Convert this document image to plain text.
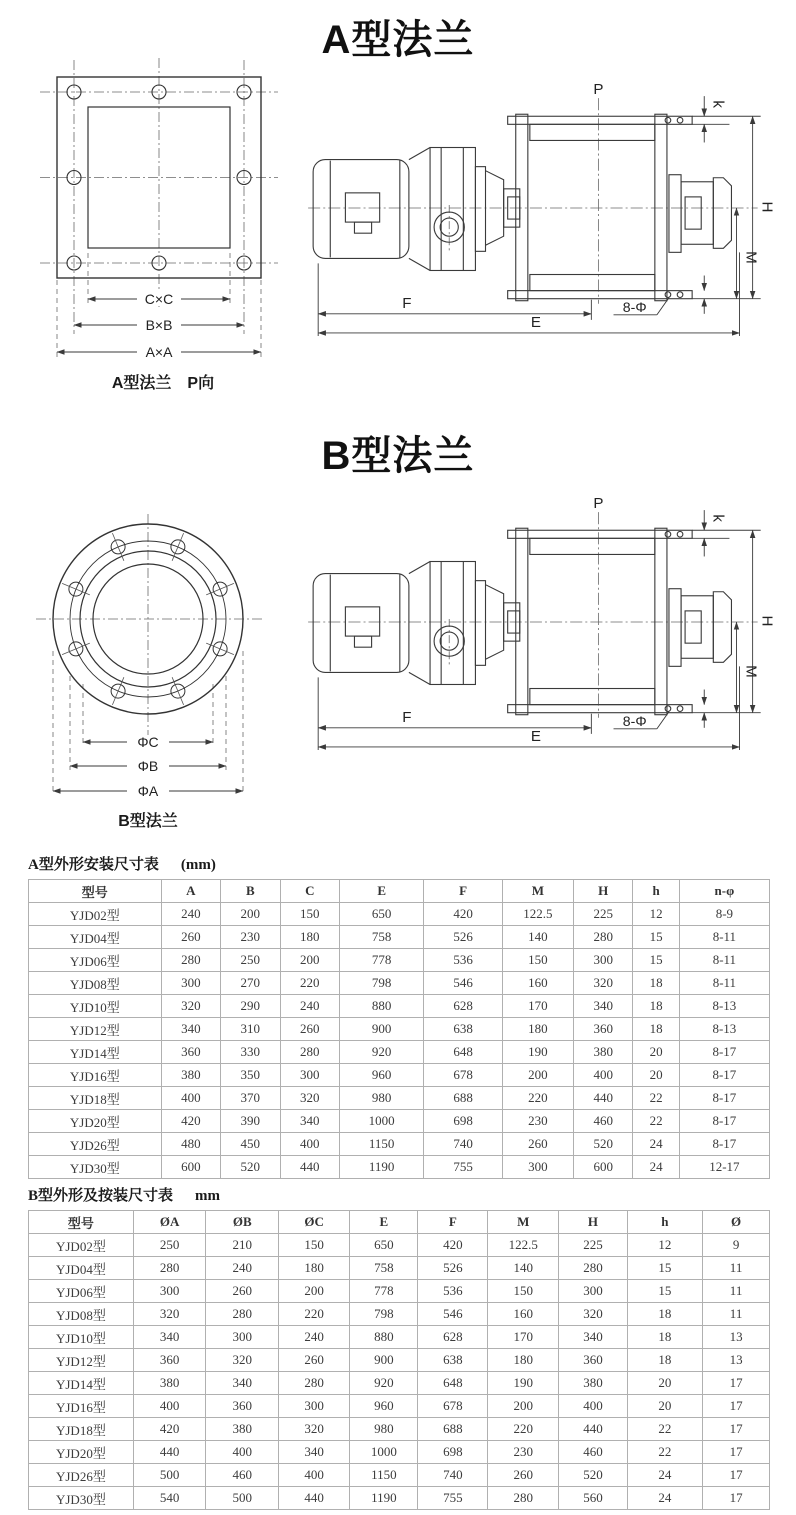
A型法兰
C×C
B×B
A×A
A型法兰　P向
P
k
H
M
F
E
8-Φ
B型法兰
ΦC
ΦB
ΦA
B型法兰
P
k
H
M
F
E
8-Φ
A型外形安装尺寸表 (mm)
型号	A	B	C	E	F	M	H	h	n-φ
YJD02型	240	200	150	650	420	122.5	225	12	8-9
YJD04型	260	230	180	758	526	140	280	15	8-11
YJD06型	280	250	200	778	536	150	300	15	8-11
YJD08型	300	270	220	798	546	160	320	18	8-11
YJD10型	320	290	240	880	628	170	340	18	8-13
YJD12型	340	310	260	900	638	180	360	18	8-13
YJD14型	360	330	280	920	648	190	380	20	8-17
YJD16型	380	350	300	960	678	200	400	20	8-17
YJD18型	400	370	320	980	688	220	440	22	8-17
YJD20型	420	390	340	1000	698	230	460	22	8-17
YJD26型	480	450	400	1150	740	260	520	24	8-17
YJD30型	600	520	440	1190	755	300	600	24	12-17
B型外形及按装尺寸表 mm
型号	ØA	ØB	ØC	E	F	M	H	h	Ø
YJD02型	250	210	150	650	420	122.5	225	12	9
YJD04型	280	240	180	758	526	140	280	15	11
YJD06型	300	260	200	778	536	150	300	15	11
YJD08型	320	280	220	798	546	160	320	18	11
YJD10型	340	300	240	880	628	170	340	18	13
YJD12型	360	320	260	900	638	180	360	18	13
YJD14型	380	340	280	920	648	190	380	20	17
YJD16型	400	360	300	960	678	200	400	20	17
YJD18型	420	380	320	980	688	220	440	22	17
YJD20型	440	400	340	1000	698	230	460	22	17
YJD26型	500	460	400	1150	740	260	520	24	17
YJD30型	540	500	440	1190	755	280	560	24	17
